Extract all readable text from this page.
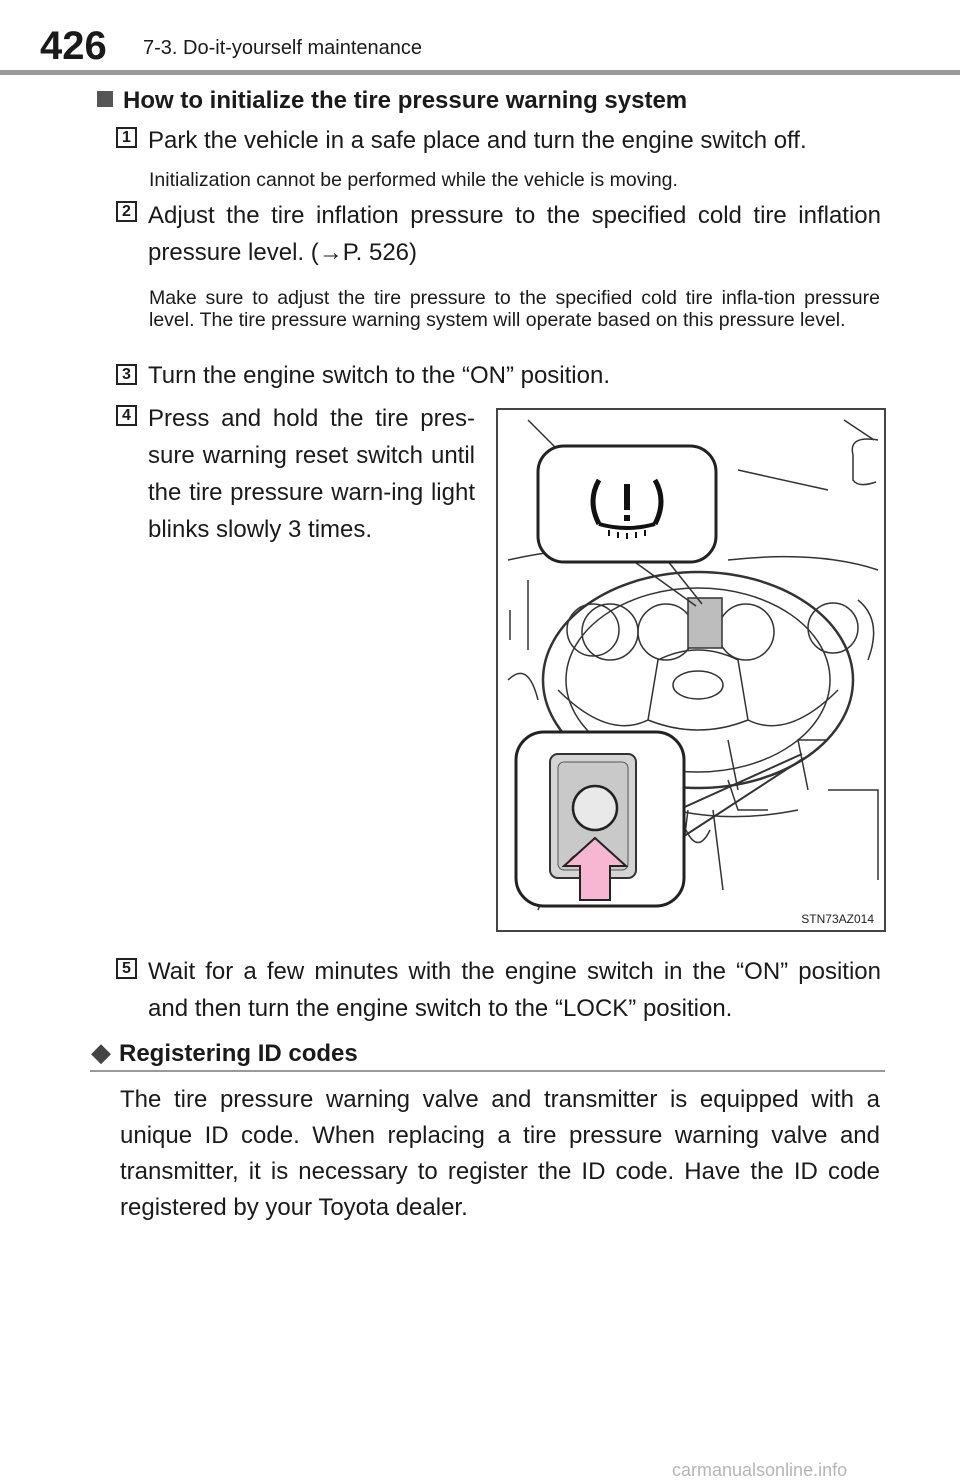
426 7-3. Do-it-yourself maintenance
How to initialize the tire pressure warning system
1 Park the vehicle in a safe place and turn the engine switch off.
Initialization cannot be performed while the vehicle is moving.
2 Adjust the tire inflation pressure to the specified cold tire inflation pressure level. (→P. 526)
Make sure to adjust the tire pressure to the specified cold tire infla-tion pressure level. The tire pressure warning system will operate based on this pressure level.
3 Turn the engine switch to the “ON” position.
4 Press and hold the tire pres-sure warning reset switch until the tire pressure warn-ing light blinks slowly 3 times.
STN73AZ014
5 Wait for a few minutes with the engine switch in the “ON” position and then turn the engine switch to the “LOCK” position.
◆ Registering ID codes
The tire pressure warning valve and transmitter is equipped with a unique ID code. When replacing a tire pressure warning valve and transmitter, it is necessary to register the ID code. Have the ID code registered by your Toyota dealer.
carmanualsonline.info
